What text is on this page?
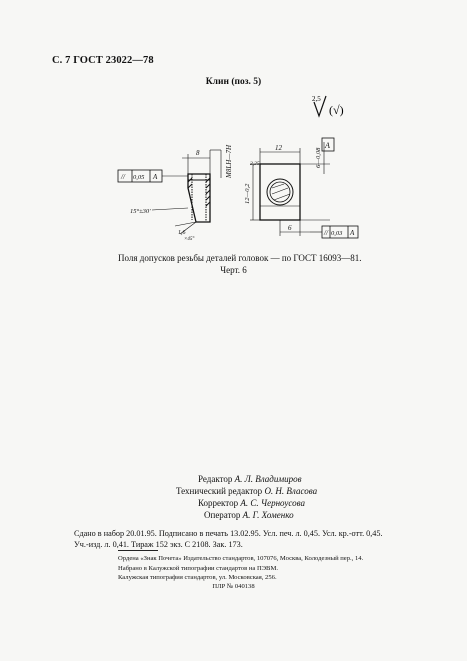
С. 7 ГОСТ 23022—78
Клин (поз. 5)
2,5
(√)
8	М8LН—7Н
// 0,05 A
15°±30'
1,6
×45°
12	6—0,08
A
2,25
12—0,2
6
// 0,03 A
Поля допусков резьбы деталей головок — по ГОСТ 16093—81.
Черт. 6
Редактор А. Л. Владимиров
Технический редактор О. Н. Власова
Корректор А. С. Черноусова
Оператор А. Г. Хоменко
Сдано в набор 20.01.95. Подписано в печать 13.02.95. Усл. печ. л. 0,45. Усл. кр.-отт. 0,45.
Уч.-изд. л. 0,41. Тираж 152 экз. С 2108. Зак. 173.
Ордена «Знак Почета» Издательство стандартов, 107076, Москва, Колодезный пер., 14.
Набрано в Калужской типографии стандартов на ПЭВМ.
Калужская типография стандартов, ул. Московская, 256.
ПЛР № 040138
